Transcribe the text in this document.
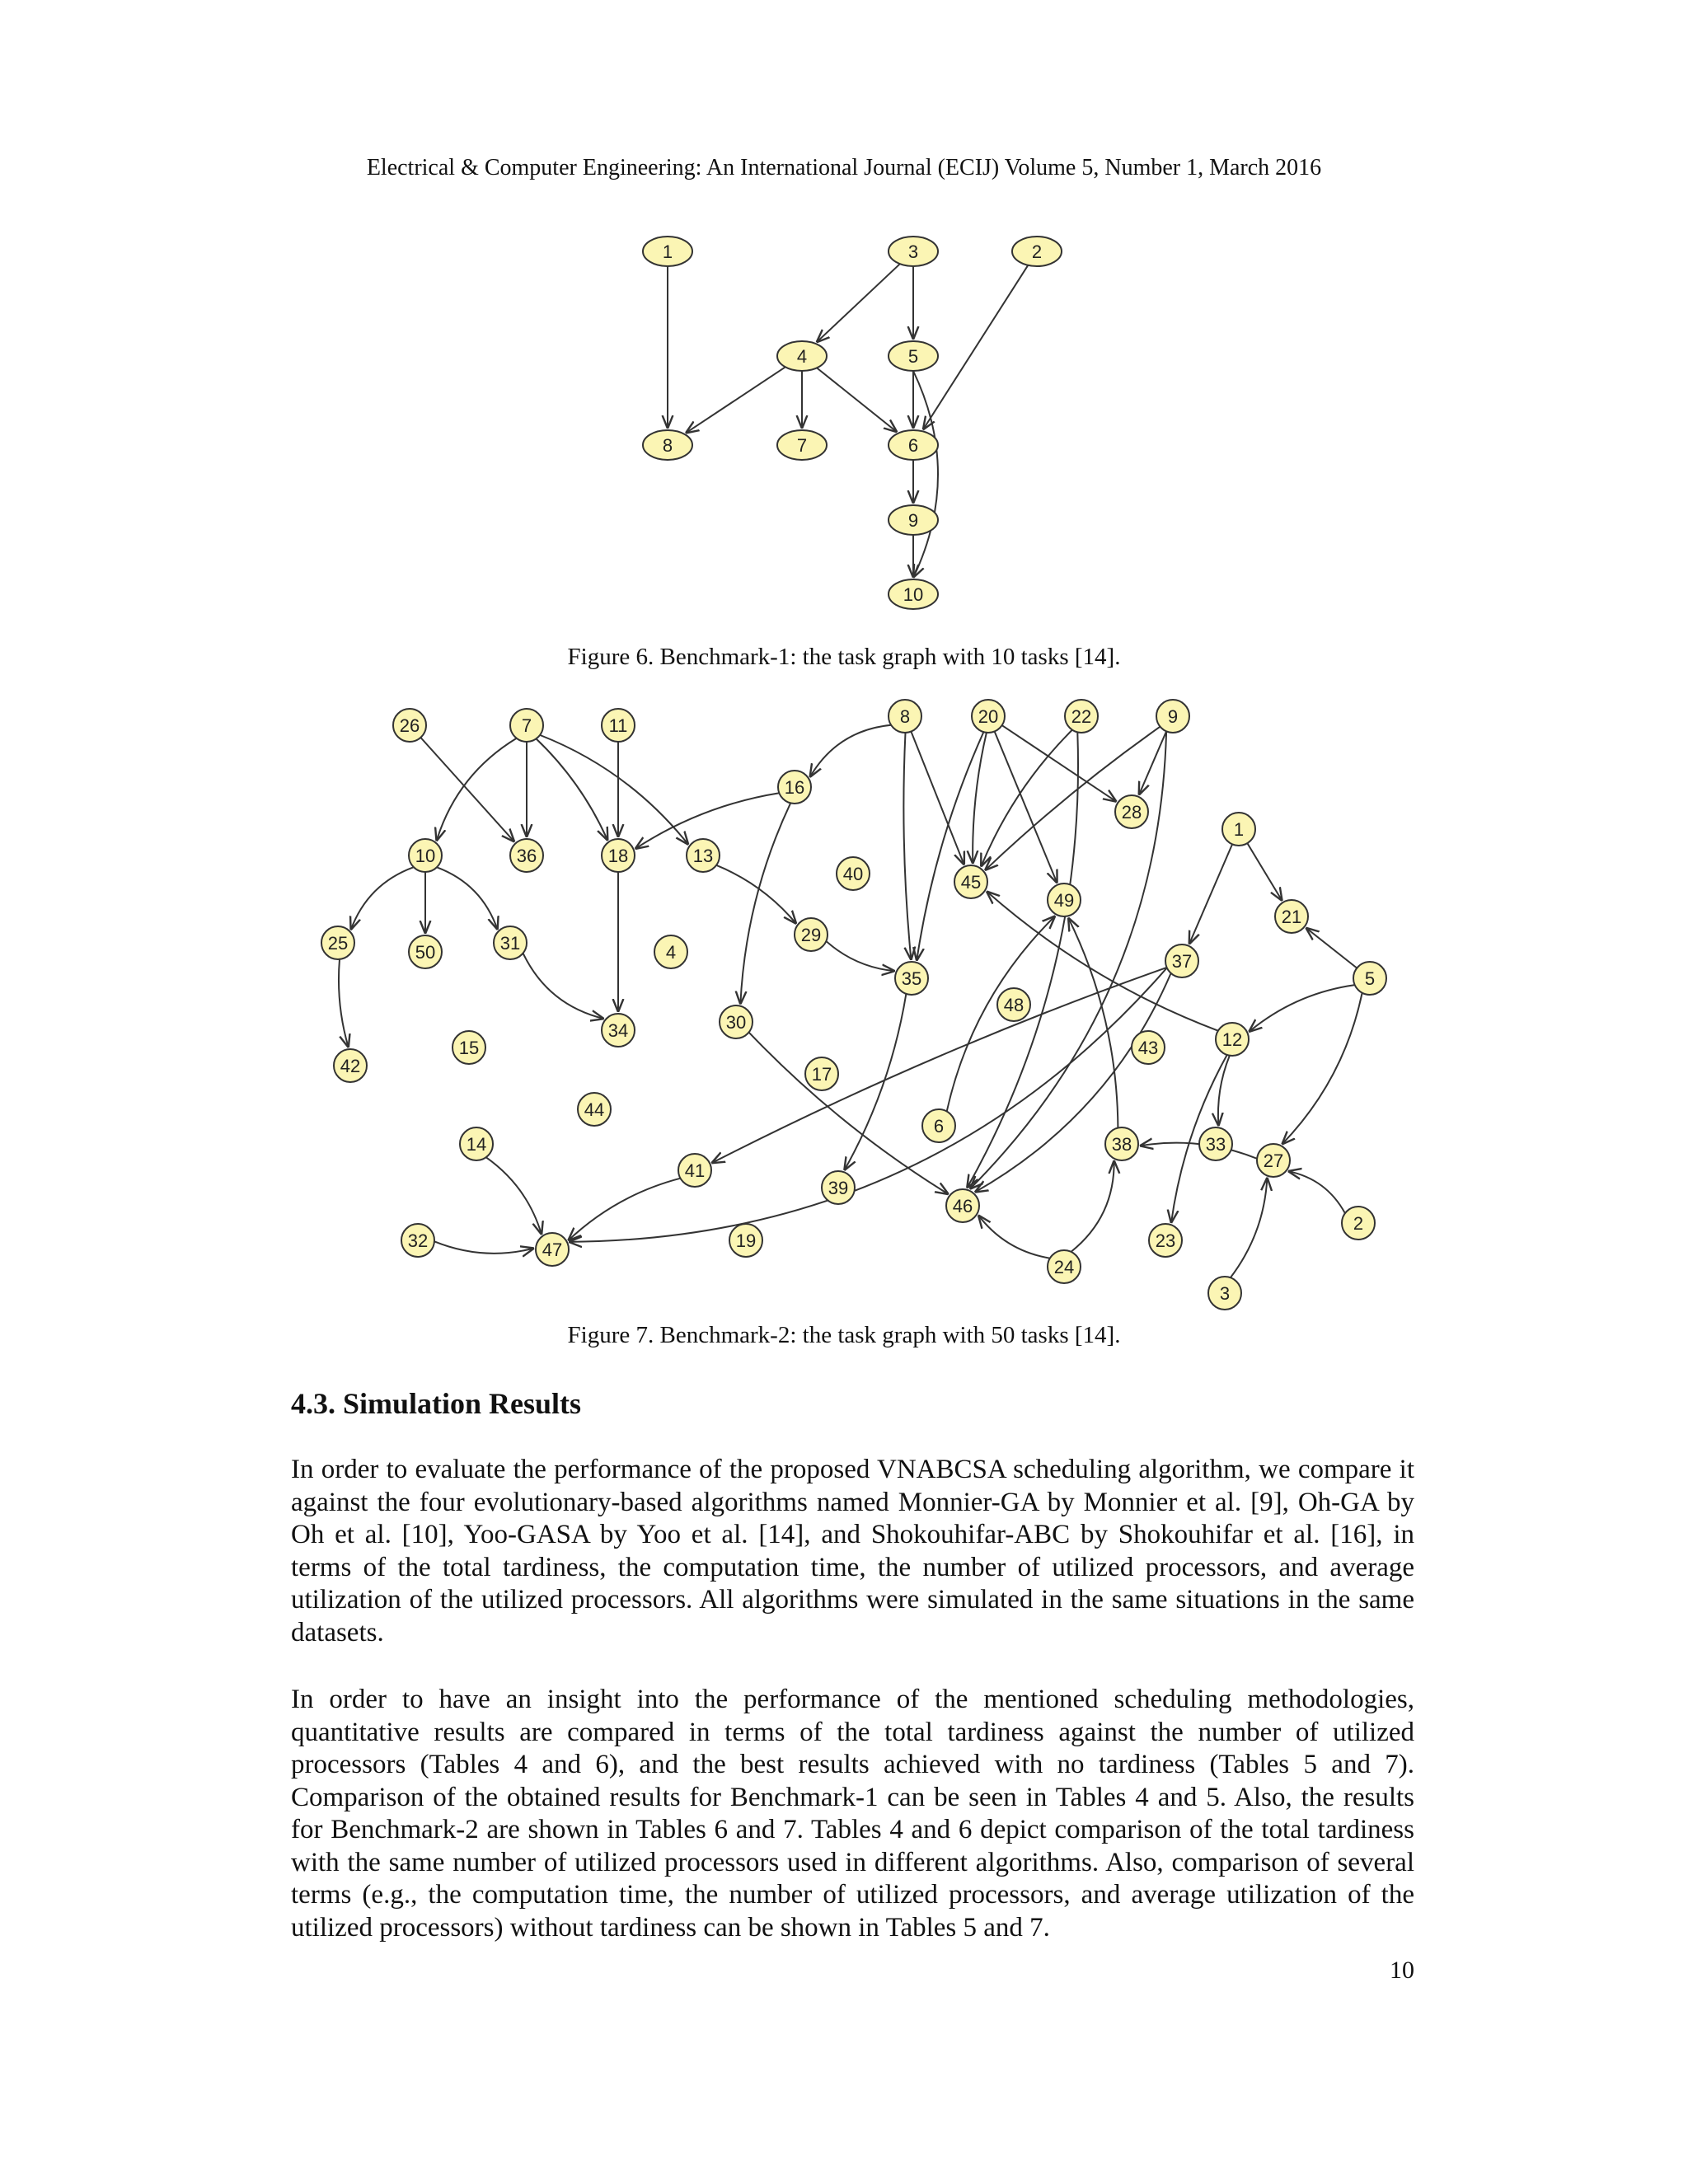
Electrical & Computer Engineering: An International Journal (ECIJ) Volume 5, Number 1, March 2016
1	2
3
4	5
6
7
8
9
10
Figure 6. Benchmark-1: the task graph with 10 tasks [14].
1
2
3
4
5
6
7	8	9
10
11
12
13
14
15
16
17
18
19
20
21
22
23
24
25
26
27
28
29
30
31
32
33
34
35
36
37
38
39
40
41
42
43
44
45
46
47
48
49
50
Figure 7. Benchmark-2: the task graph with 50 tasks [14].
4.3. Simulation Results

In order to evaluate the performance of the proposed VNABCSA scheduling algorithm, we compare it against the four evolutionary-based algorithms named Monnier-GA by Monnier et al. [9], Oh-GA by Oh et al. [10], Yoo-GASA by Yoo et al. [14], and Shokouhifar-ABC by Shokouhifar et al. [16], in terms of the total tardiness, the computation time, the number of utilized processors, and average utilization of the utilized processors. All algorithms were simulated in the same situations in the same datasets.

In order to have an insight into the performance of the mentioned scheduling methodologies, quantitative results are compared in terms of the total tardiness against the number of utilized processors (Tables 4 and 6), and the best results achieved with no tardiness (Tables 5 and 7). Comparison of the obtained results for Benchmark-1 can be seen in Tables 4 and 5. Also, the results for Benchmark-2 are shown in Tables 6 and 7. Tables 4 and 6 depict comparison of the total tardiness with the same number of utilized processors used in different algorithms. Also, comparison of several terms (e.g., the computation time, the number of utilized processors, and average utilization of the utilized processors) without tardiness can be shown in Tables 5 and 7.

10
